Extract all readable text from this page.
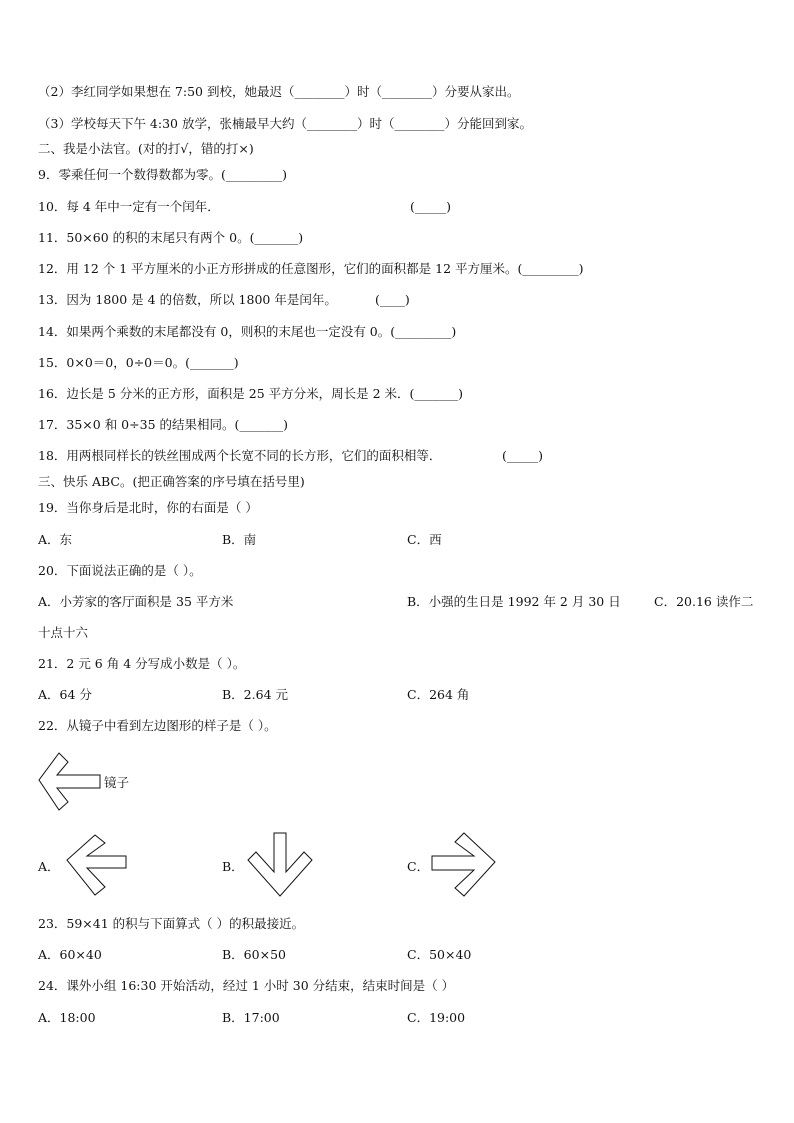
（2）李红同学如果想在 7:50 到校，她最迟（________）时（________）分要从家出。
（3）学校每天下午 4:30 放学，张楠最早大约（________）时（________）分能回到家。
二、我是小法官。(对的打√，错的打×)
9．零乘任何一个数得数都为零。(_________)
10．每 4 年中一定有一个闰年．	(_____)
11．50×60 的积的末尾只有两个 0。(_______)
12．用 12 个 1 平方厘米的小正方形拼成的任意图形，它们的面积都是 12 平方厘米。(_________)
13．因为 1800 是 4 的倍数，所以 1800 年是闰年。	(____)
14．如果两个乘数的末尾都没有 0，则积的末尾也一定没有 0。(_________)
15．0×0＝0，0÷0＝0。(_______)
16．边长是 5 分米的正方形，面积是 25 平方分米，周长是 2 米．(_______)
17．35×0 和 0÷35 的结果相同。(_______)
18．用两根同样长的铁丝围成两个长宽不同的长方形，它们的面积相等．	(_____)
三、快乐 ABC。(把正确答案的序号填在括号里)
19．当你身后是北时，你的右面是（ ）
A．东	B．南	C．西
20．下面说法正确的是（ ）。
A．小芳家的客厅面积是 35 平方米	B．小强的生日是 1992 年 2 月 30 日	C．20.16 读作二
十点十六
21．2 元 6 角 4 分写成小数是（ ）。
A．64 分	B．2.64 元	C．264 角
22．从镜子中看到左边图形的样子是（ ）。
镜子
A．	B．	C．
23．59×41 的积与下面算式（ ）的积最接近。
A．60×40	B．60×50	C．50×40
24．课外小组 16:30 开始活动，经过 1 小时 30 分结束，结束时间是（ ）
A．18:00	B．17:00	C．19:00
